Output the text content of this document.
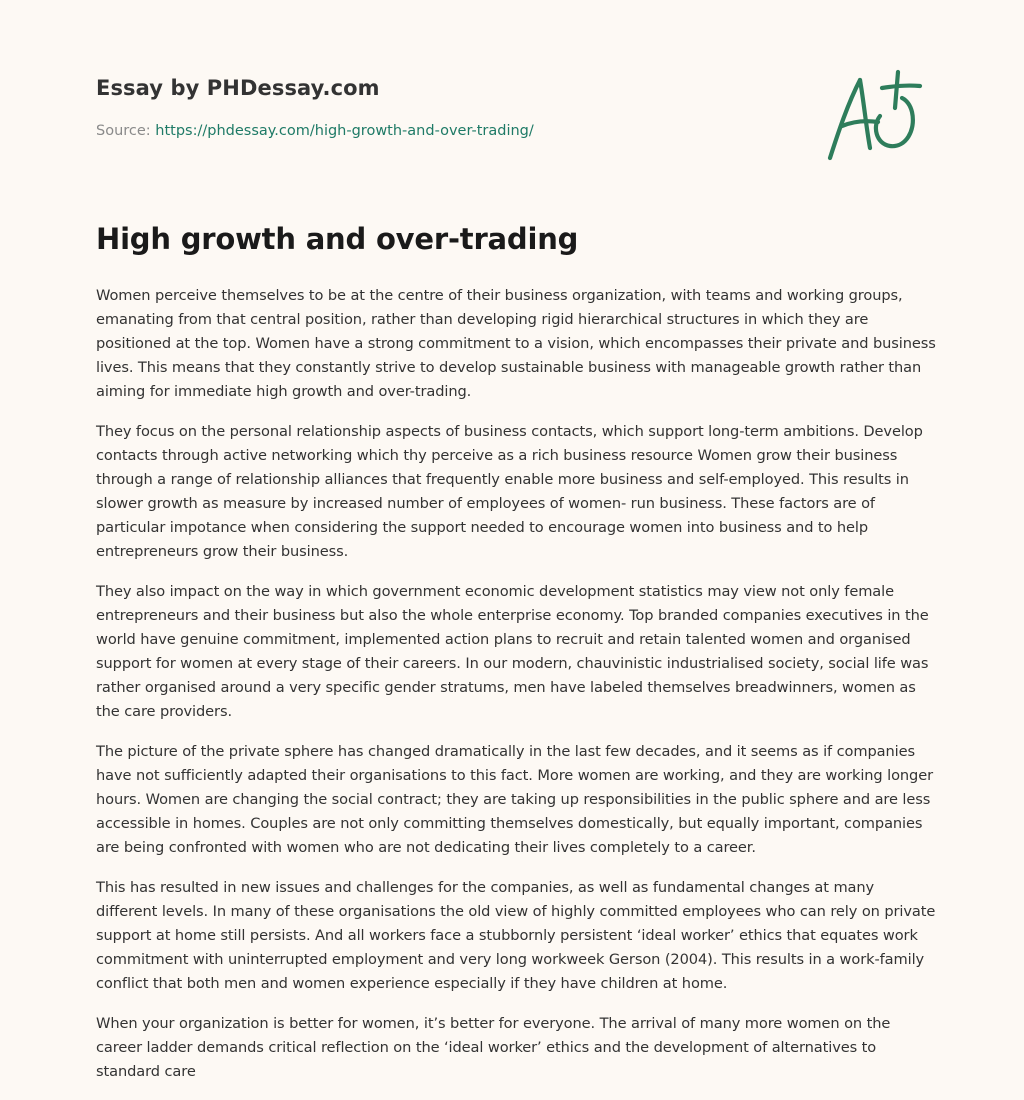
Essay by PHDessay.com

Source: https://phdessay.com/high-growth-and-over-trading/

High growth and over-trading

Women perceive themselves to be at the centre of their business organization, with teams and working groups, emanating from that central position, rather than developing rigid hierarchical structures in which they are positioned at the top. Women have a strong commitment to a vision, which encompasses their private and business lives. This means that they constantly strive to develop sustainable business with manageable growth rather than aiming for immediate high growth and over-trading.

They focus on the personal relationship aspects of business contacts, which support long-term ambitions. Develop contacts through active networking which thy perceive as a rich business resource Women grow their business through a range of relationship alliances that frequently enable more business and self-employed. This results in slower growth as measure by increased number of employees of women- run business. These factors are of particular impotance when considering the support needed to encourage women into business and to help entrepreneurs grow their business.

They also impact on the way in which government economic development statistics may view not only female entrepreneurs and their business but also the whole enterprise economy. Top branded companies executives in the world have genuine commitment, implemented action plans to recruit and retain talented women and organised support for women at every stage of their careers. In our modern, chauvinistic industrialised society, social life was rather organised around a very specific gender stratums, men have labeled themselves breadwinners, women as the care providers.

The picture of the private sphere has changed dramatically in the last few decades, and it seems as if companies have not sufficiently adapted their organisations to this fact. More women are working, and they are working longer hours. Women are changing the social contract; they are taking up responsibilities in the public sphere and are less accessible in homes. Couples are not only committing themselves domestically, but equally important, companies are being confronted with women who are not dedicating their lives completely to a career.

This has resulted in new issues and challenges for the companies, as well as fundamental changes at many different levels. In many of these organisations the old view of highly committed employees who can rely on private support at home still persists. And all workers face a stubbornly persistent ‘ideal worker’ ethics that equates work commitment with uninterrupted employment and very long workweek Gerson (2004). This results in a work-family conflict that both men and women experience especially if they have children at home.

When your organization is better for women, it’s better for everyone. The arrival of many more women on the career ladder demands critical reflection on the ‘ideal worker’ ethics and the development of alternatives to standard care
